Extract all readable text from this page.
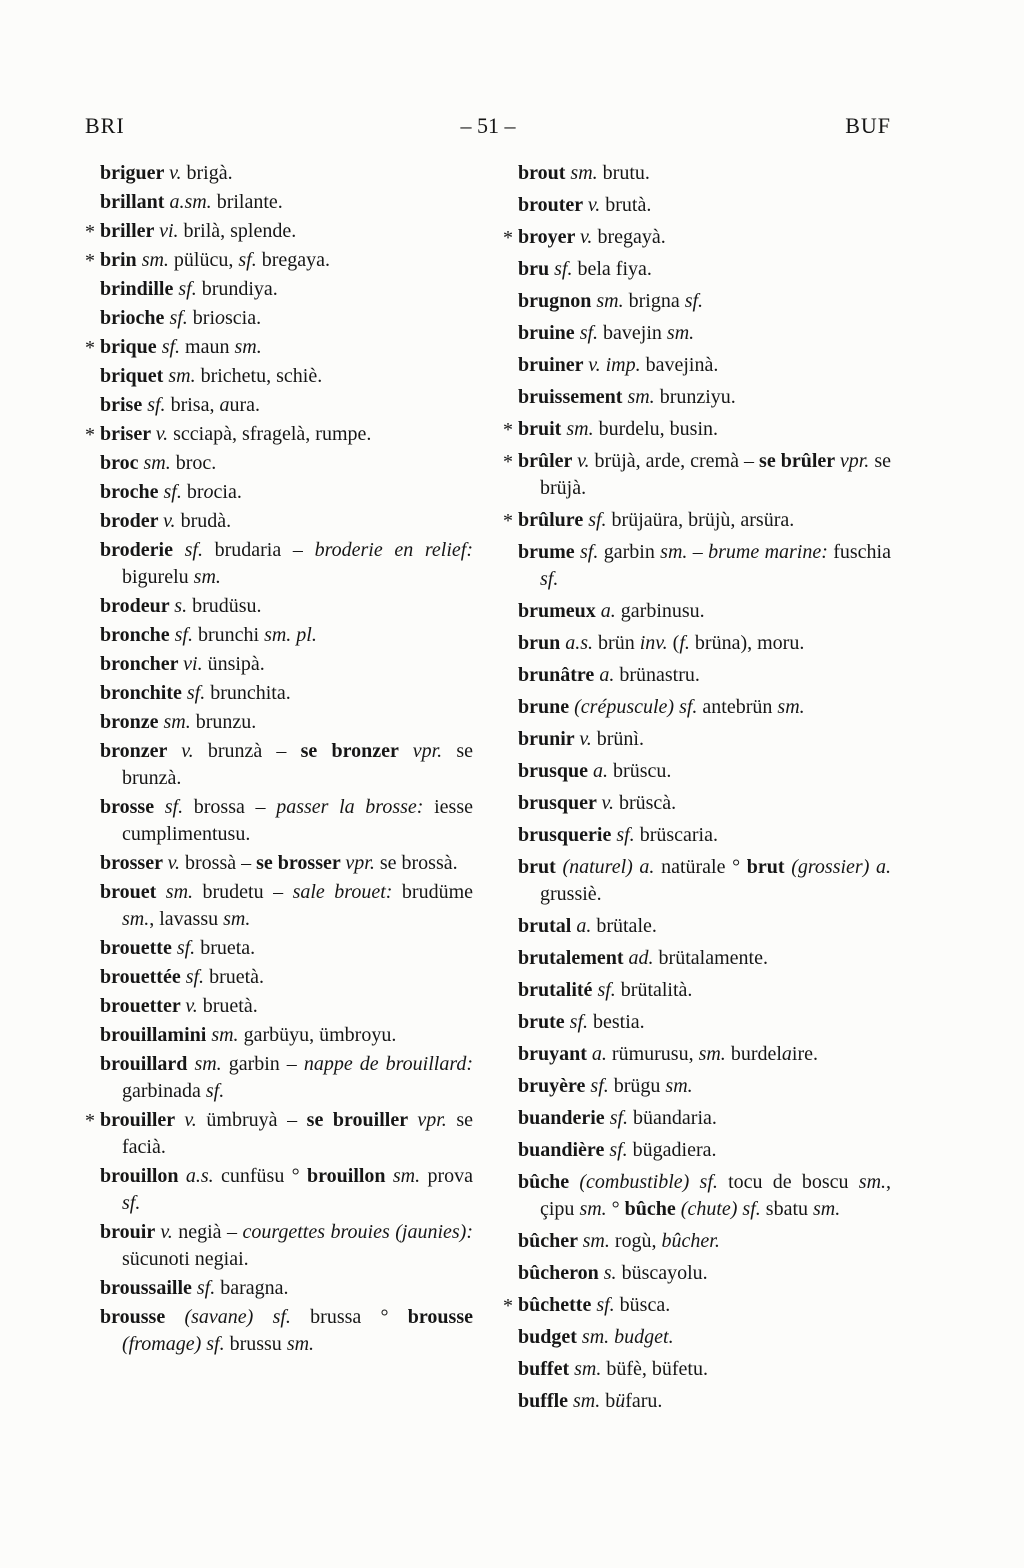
BRI	– 51 –	BUF
briguer v. brigà.
brillant a.sm. brilante.
* briller vi. brilà, splende.
* brin sm. pülücu, sf. bregaya.
brindille sf. brundiya.
brioche sf. brioscia.
* brique sf. maun sm.
briquet sm. brichetu, schiè.
brise sf. brisa, aura.
* briser v. scciapà, sfragelà, rumpe.
broc sm. broc.
broche sf. brocia.
broder v. brudà.
broderie sf. brudaria – broderie en relief: bigurelu sm.
brodeur s. brudüsu.
bronche sf. brunchi sm. pl.
broncher vi. ünsipà.
bronchite sf. brunchita.
bronze sm. brunzu.
bronzer v. brunzà – se bronzer vpr. se brunzà.
brosse sf. brossa – passer la brosse: iesse cumplimentusu.
brosser v. brossà – se brosser vpr. se brossà.
brouet sm. brudetu – sale brouet: brudüme sm., lavassu sm.
brouette sf. brueta.
brouettée sf. bruetà.
brouetter v. bruetà.
brouillamini sm. garbüyu, ümbroyu.
brouillard sm. garbin – nappe de brouillard: garbinada sf.
* brouiller v. ümbruyà – se brouiller vpr. se facià.
brouillon a.s. cunfüsu ° brouillon sm. prova sf.
brouir v. negià – courgettes brouies (jaunies): sücunoti negiai.
broussaille sf. baragna.
brousse (savane) sf. brussa ° brousse (fromage) sf. brussu sm.
brout sm. brutu.
brouter v. brutà.
* broyer v. bregayà.
bru sf. bela fiya.
brugnon sm. brigna sf.
bruine sf. bavejin sm.
bruiner v. imp. bavejinà.
bruissement sm. brunziyu.
* bruit sm. burdelu, busin.
* brûler v. brüjà, arde, cremà – se brûler vpr. se brüjà.
* brûlure sf. brüjaüra, brüjù, arsüra.
brume sf. garbin sm. – brume marine: fuschia sf.
brumeux a. garbinusu.
brun a.s. brün inv. (f. brüna), moru.
brunâtre a. brünastru.
brune (crépuscule) sf. antebrün sm.
brunir v. brünì.
brusque a. brüscu.
brusquer v. brüscà.
brusquerie sf. brüscaria.
brut (naturel) a. natürale ° brut (grossier) a. grussiè.
brutal a. brütale.
brutalement ad. brütalamente.
brutalité sf. brütalità.
brute sf. bestia.
bruyant a. rümurusu, sm. burdelaire.
bruyère sf. brügu sm.
buanderie sf. büandaria.
buandière sf. bügadiera.
bûche (combustible) sf. tocu de boscu sm., çipu sm. ° bûche (chute) sf. sbatu sm.
bûcher sm. rogù, bûcher.
bûcheron s. büscayolu.
* bûchette sf. büsca.
budget sm. budget.
buffet sm. büfè, büfetu.
buffle sm. büfaru.
